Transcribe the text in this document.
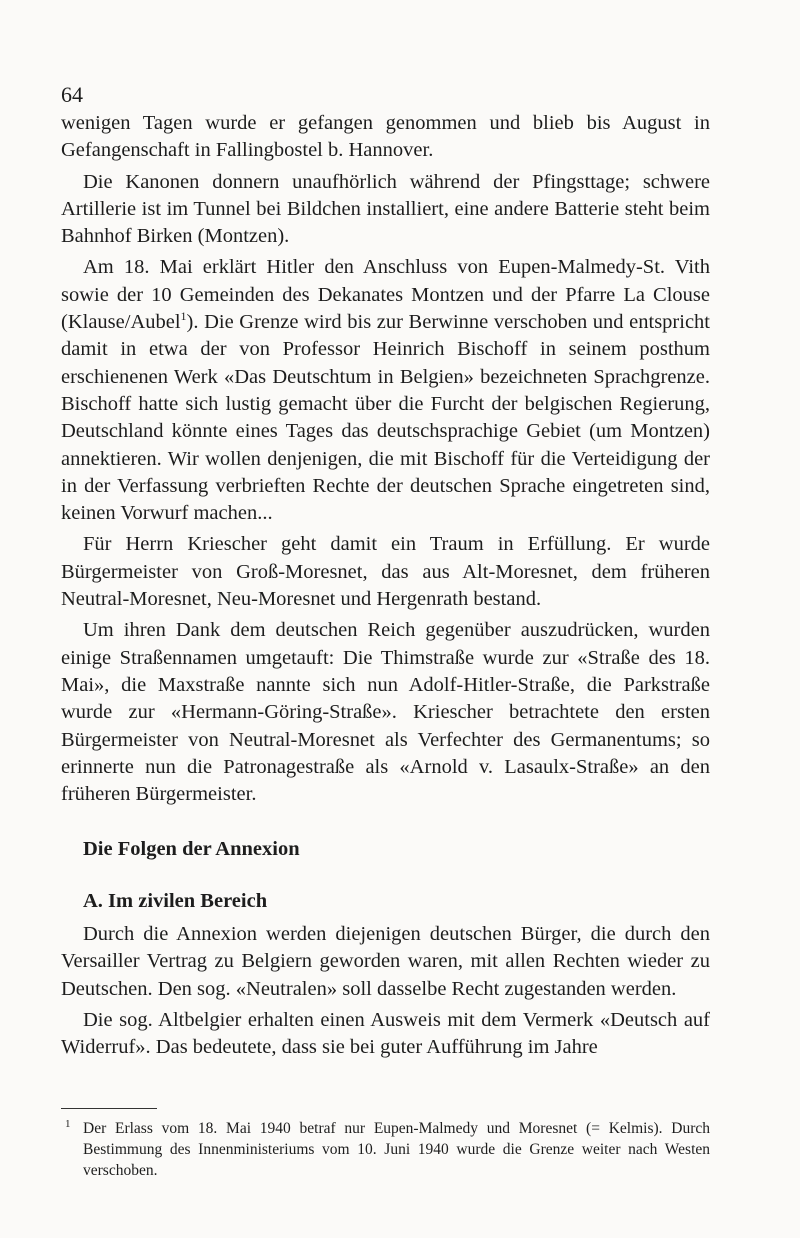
64

wenigen Tagen wurde er gefangen genommen und blieb bis August in Gefangenschaft in Fallingbostel b. Hannover.

Die Kanonen donnern unaufhörlich während der Pfingsttage; schwere Artillerie ist im Tunnel bei Bildchen installiert, eine andere Batterie steht beim Bahnhof Birken (Montzen).

Am 18. Mai erklärt Hitler den Anschluss von Eupen-Malmedy-St. Vith sowie der 10 Gemeinden des Dekanates Montzen und der Pfarre La Clouse (Klause/Aubel$^1$). Die Grenze wird bis zur Berwinne verschoben und entspricht damit in etwa der von Professor Heinrich Bischoff in seinem posthum erschienenen Werk «Das Deutschtum in Belgien» bezeichneten Sprachgrenze. Bischoff hatte sich lustig gemacht über die Furcht der belgischen Regierung, Deutschland könnte eines Tages das deutschsprachige Gebiet (um Montzen) annektieren. Wir wollen denjenigen, die mit Bischoff für die Verteidigung der in der Verfassung verbrieften Rechte der deutschen Sprache eingetreten sind, keinen Vorwurf machen...

Für Herrn Kriescher geht damit ein Traum in Erfüllung. Er wurde Bürgermeister von Groß-Moresnet, das aus Alt-Moresnet, dem früheren Neutral-Moresnet, Neu-Moresnet und Hergenrath bestand.

Um ihren Dank dem deutschen Reich gegenüber auszudrücken, wurden einige Straßennamen umgetauft: Die Thimstraße wurde zur «Straße des 18. Mai», die Maxstraße nannte sich nun Adolf-Hitler-Straße, die Parkstraße wurde zur «Hermann-Göring-Straße». Kriescher betrachtete den ersten Bürgermeister von Neutral-Moresnet als Verfechter des Germanentums; so erinnerte nun die Patronagestraße als «Arnold v. Lasaulx-Straße» an den früheren Bürgermeister.

Die Folgen der Annexion
A. Im zivilen Bereich

Durch die Annexion werden diejenigen deutschen Bürger, die durch den Versailler Vertrag zu Belgiern geworden waren, mit allen Rechten wieder zu Deutschen. Den sog. «Neutralen» soll dasselbe Recht zugestanden werden.

Die sog. Altbelgier erhalten einen Ausweis mit dem Vermerk «Deutsch auf Widerruf». Das bedeutete, dass sie bei guter Aufführung im Jahre

1 Der Erlass vom 18. Mai 1940 betraf nur Eupen-Malmedy und Moresnet (= Kelmis). Durch Bestimmung des Innenministeriums vom 10. Juni 1940 wurde die Grenze weiter nach Westen verschoben.
